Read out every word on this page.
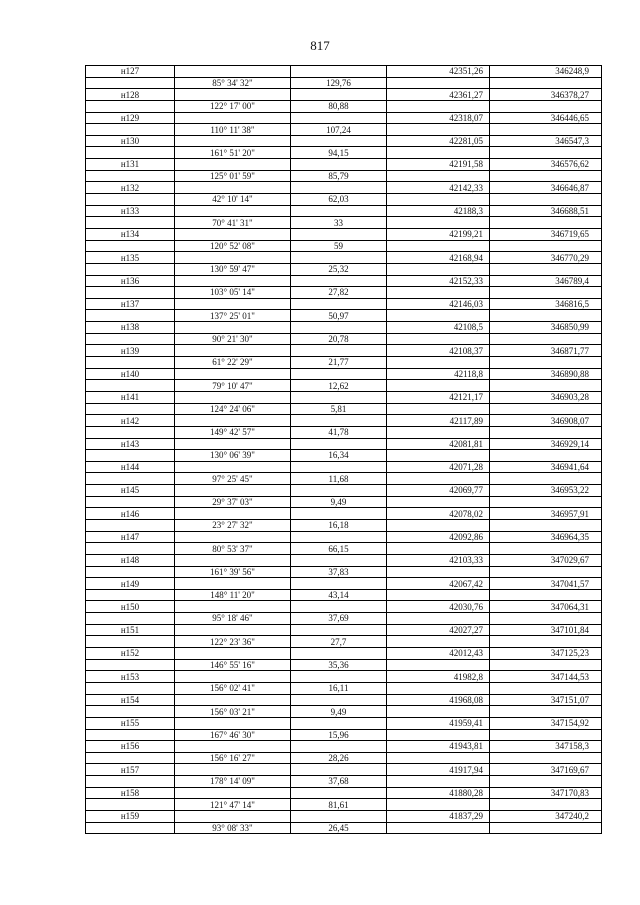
817
н127			42351,26	346248,9
	85° 34' 32"	129,76		
н128			42361,27	346378,27
	122° 17' 00"	80,88		
н129			42318,07	346446,65
	110° 11' 38"	107,24		
н130			42281,05	346547,3
	161° 51' 20"	94,15		
н131			42191,58	346576,62
	125° 01' 59"	85,79		
н132			42142,33	346646,87
	42° 10' 14"	62,03		
н133			42188,3	346688,51
	70° 41' 31"	33		
н134			42199,21	346719,65
	120° 52' 08"	59		
н135			42168,94	346770,29
	130° 59' 47"	25,32		
н136			42152,33	346789,4
	103° 05' 14"	27,82		
н137			42146,03	346816,5
	137° 25' 01"	50,97		
н138			42108,5	346850,99
	90° 21' 30"	20,78		
н139			42108,37	346871,77
	61° 22' 29"	21,77		
н140			42118,8	346890,88
	79° 10' 47"	12,62		
н141			42121,17	346903,28
	124° 24' 06"	5,81		
н142			42117,89	346908,07
	149° 42' 57"	41,78		
н143			42081,81	346929,14
	130° 06' 39"	16,34		
н144			42071,28	346941,64
	97° 25' 45"	11,68		
н145			42069,77	346953,22
	29° 37' 03"	9,49		
н146			42078,02	346957,91
	23° 27' 32"	16,18		
н147			42092,86	346964,35
	80° 53' 37"	66,15		
н148			42103,33	347029,67
	161° 39' 56"	37,83		
н149			42067,42	347041,57
	148° 11' 20"	43,14		
н150			42030,76	347064,31
	95° 18' 46"	37,69		
н151			42027,27	347101,84
	122° 23' 36"	27,7		
н152			42012,43	347125,23
	146° 55' 16"	35,36		
н153			41982,8	347144,53
	156° 02' 41"	16,11		
н154			41968,08	347151,07
	156° 03' 21"	9,49		
н155			41959,41	347154,92
	167° 46' 30"	15,96		
н156			41943,81	347158,3
	156° 16' 27"	28,26		
н157			41917,94	347169,67
	178° 14' 09"	37,68		
н158			41880,28	347170,83
	121° 47' 14"	81,61		
н159			41837,29	347240,2
	93° 08' 33"	26,45		
